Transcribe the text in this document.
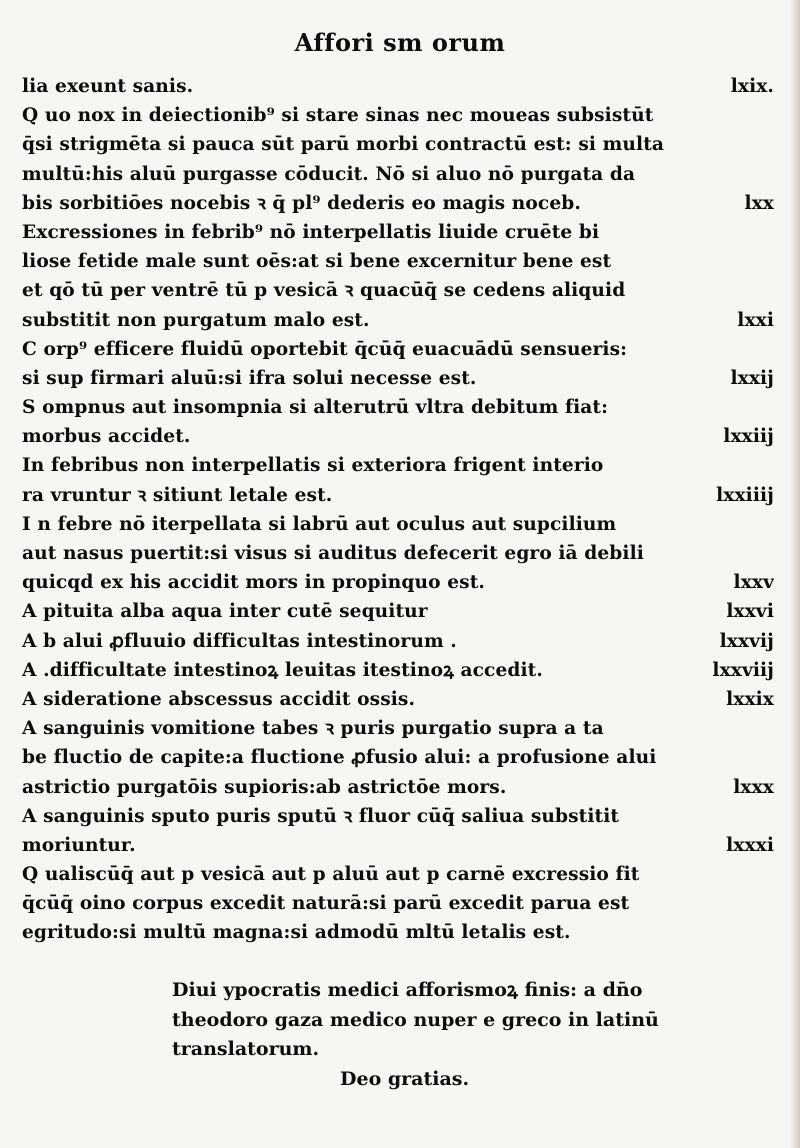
Affori sm orum
lia exeunt sanis.	lxix.
Q uo nox in deiectionib⁹ si stare sinas nec moueas subsistūt
q̄si strigmēta si pauca sūt parū morbi contractū est: si multa
multū:his aluū purgasse cōducit. Nō si aluo nō purgata da
bis sorbitiōes nocebis ꝛ q̄ pl⁹ dederis eo magis noceb.	lxx
Excressiones in febrib⁹ nō interpellatis liuide cruēte bi
liose fetide male sunt oēs:at si bene excernitur bene est
et qō tū per ventrē tū p vesicā ꝛ quacūq̄ se cedens aliquid
substitit non purgatum malo est.	lxxi
C orp⁹ efficere fluidū oportebit q̄cūq̄ euacuādū sensueris:
si sup firmari aluū:si ifra solui necesse est.	lxxij
S ompnus aut insompnia si alterutrū vltra debitum fiat:
morbus accidet.	lxxiij
In febribus non interpellatis si exteriora frigent interio
ra vruntur ꝛ sitiunt letale est.	lxxiiij
I n febre nō iterpellata si labrū aut oculus aut supcilium
aut nasus puertit:si visus si auditus defecerit egro iā debili
quicqd ex his accidit mors in propinquo est.	lxxv
A pituita alba aqua inter cutē sequitur	lxxvi
A b alui ꝓfluuio difficultas intestinorum .	lxxvij
A .difficultate intestinoꝝ leuitas itestinoꝝ accedit.	lxxviij
A sideratione abscessus accidit ossis.	lxxix
A sanguinis vomitione tabes ꝛ puris purgatio supra a ta
be fluctio de capite:a fluctione ꝓfusio alui: a profusione alui
astrictio purgatōis supioris:ab astrictōe mors.	lxxx
A sanguinis sputo puris sputū ꝛ fluor cūq̄ saliua substitit
moriuntur.	lxxxi
Q ualiscūq̄ aut p vesicā aut p aluū aut p carnē excressio fit
q̄cūq̄ oino corpus excedit naturā:si parū excedit parua est
egritudo:si multū magna:si admodū mltū letalis est.
Diui ypocratis medici afforismoꝝ finis: a dn̄o
theodoro gaza medico nuper e greco in latinū
translatorum.
Deo gratias.
